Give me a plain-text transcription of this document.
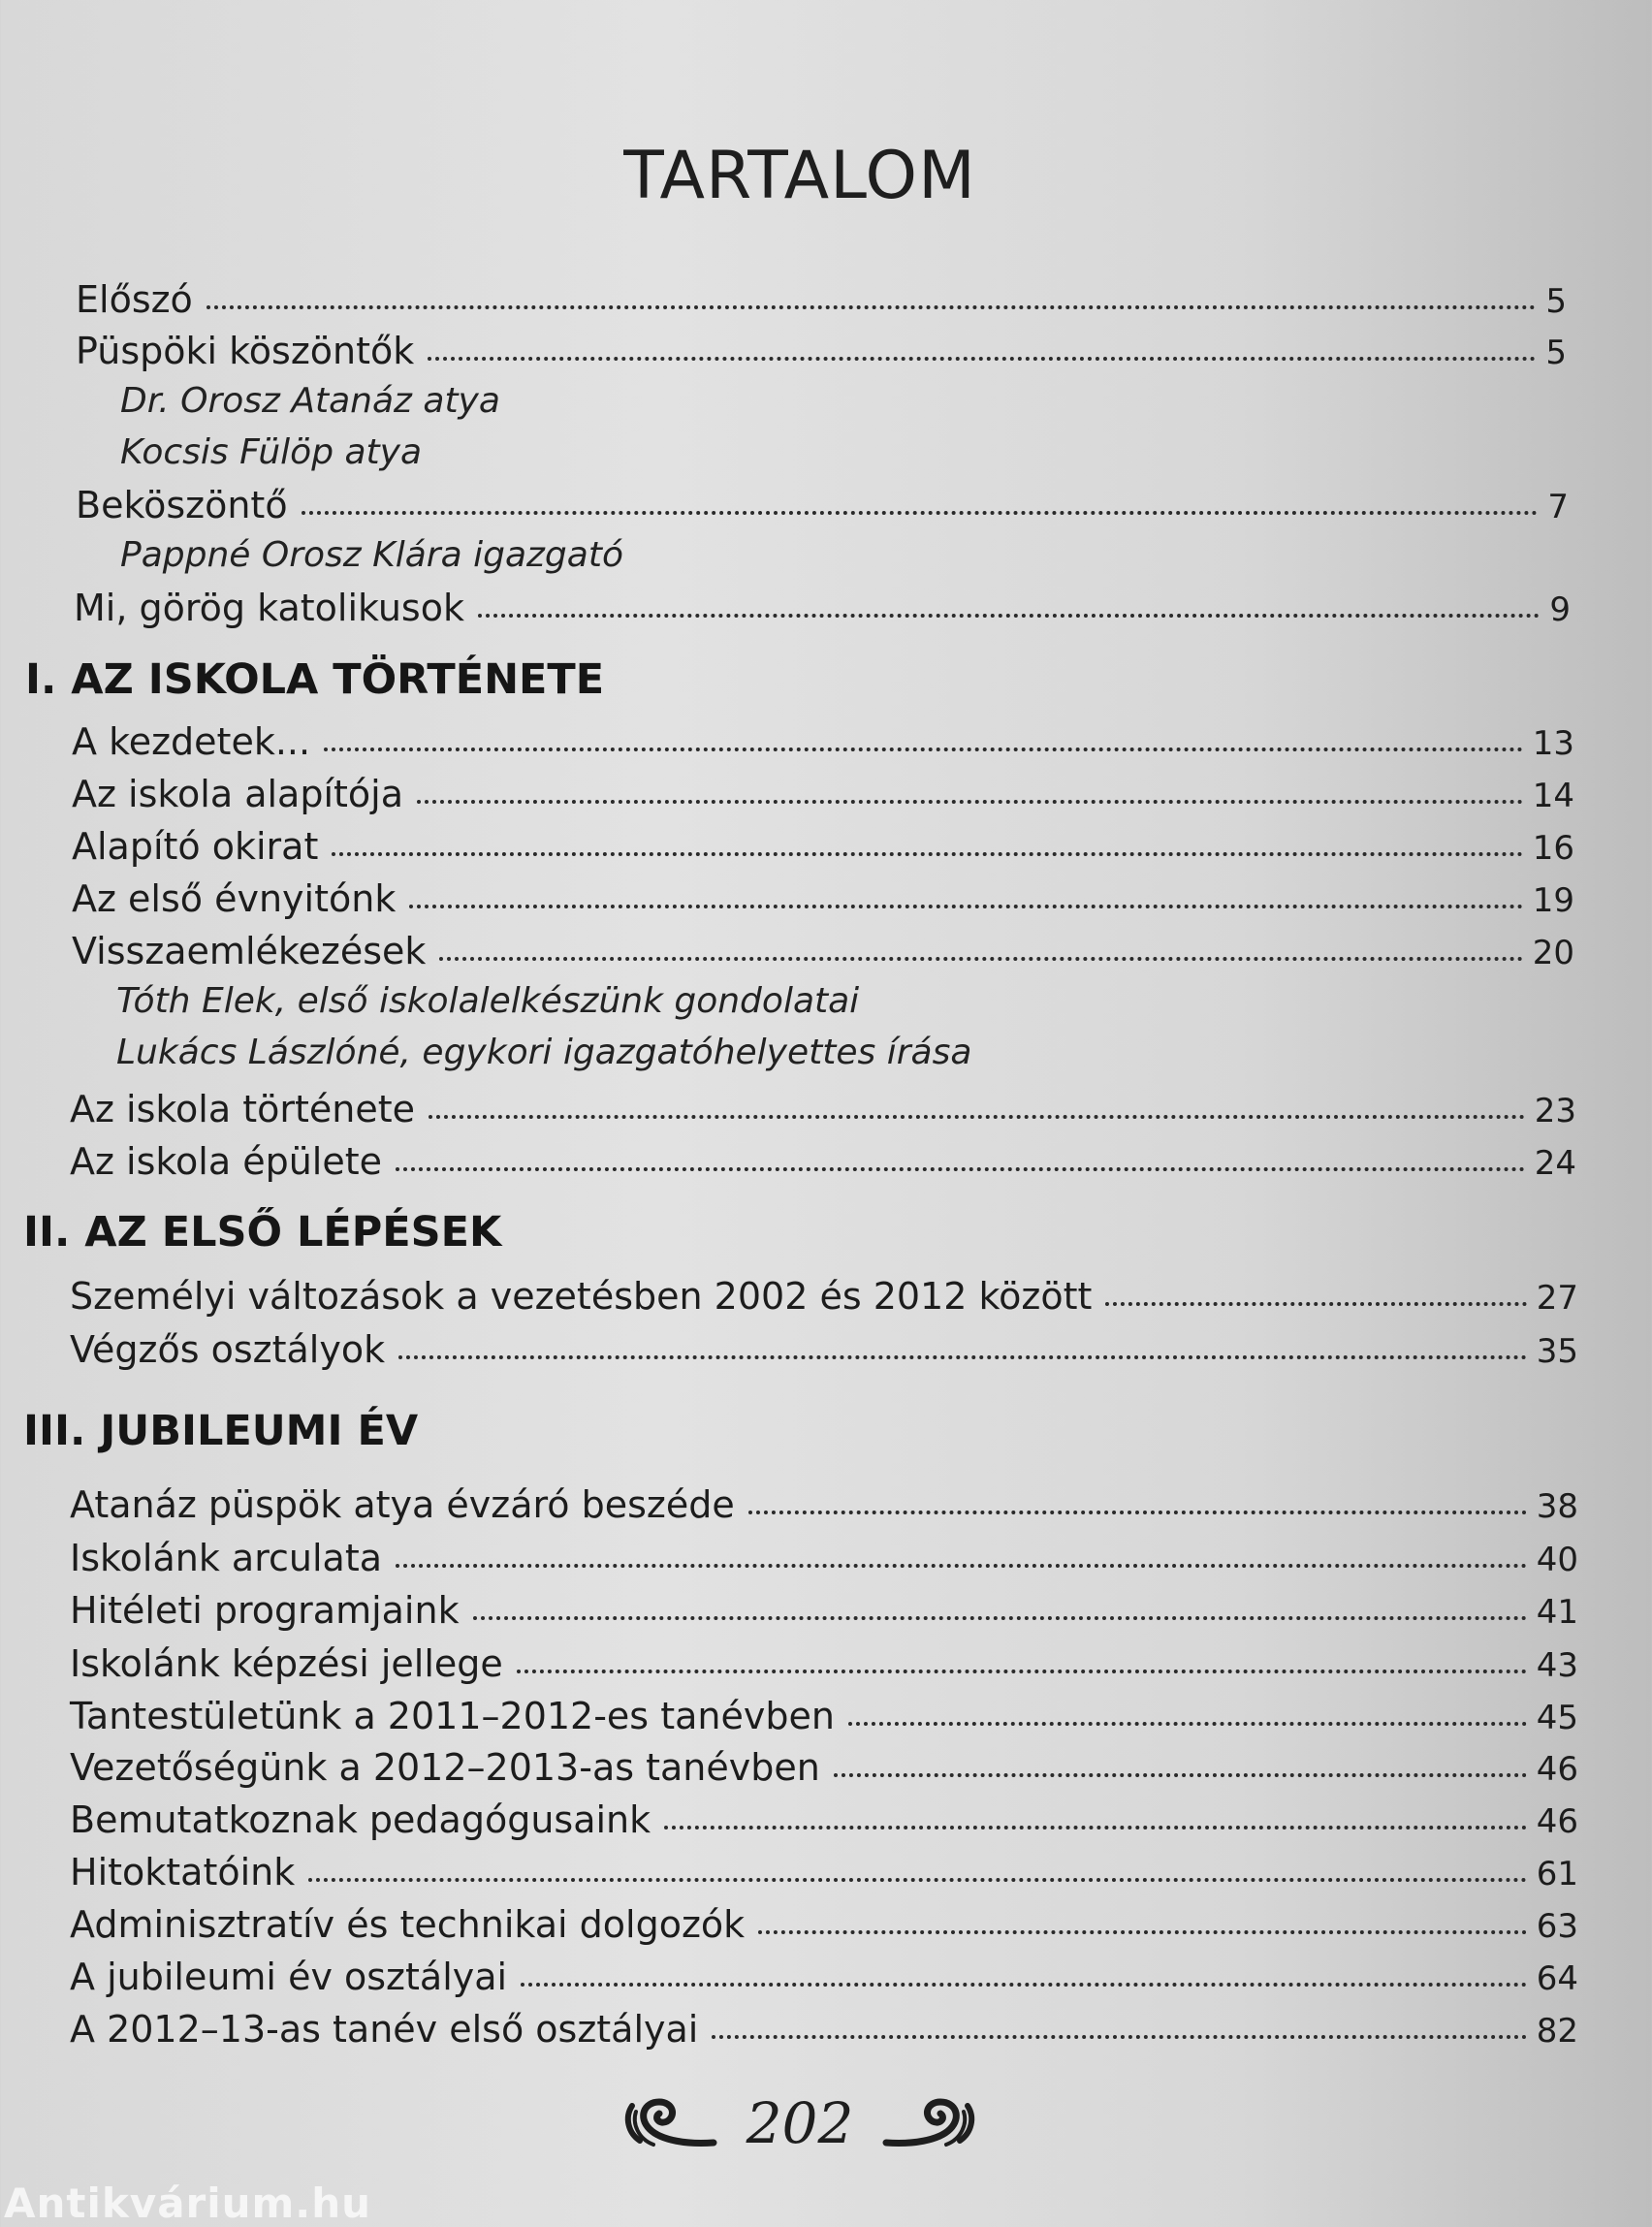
TARTALOM
Előszó	5
Püspöki köszöntők	5
Dr. Orosz Atanáz atya
Kocsis Fülöp atya
Beköszöntő	7
Pappné Orosz Klára igazgató
Mi, görög katolikusok	9
I. AZ ISKOLA TÖRTÉNETE
A kezdetek...	13
Az iskola alapítója	14
Alapító okirat	16
Az első évnyitónk	19
Visszaemlékezések	20
Tóth Elek, első iskolalelkészünk gondolatai
Lukács Lászlóné, egykori igazgatóhelyettes írása
Az iskola története	23
Az iskola épülete	24
II. AZ ELSŐ LÉPÉSEK
Személyi változások a vezetésben 2002 és 2012 között	27
Végzős osztályok	35
III. JUBILEUMI ÉV
Atanáz püspök atya évzáró beszéde	38
Iskolánk arculata	40
Hitéleti programjaink	41
Iskolánk képzési jellege	43
Tantestületünk a 2011–2012-es tanévben	45
Vezetőségünk a 2012–2013-as tanévben	46
Bemutatkoznak pedagógusaink	46
Hitoktatóink	61
Adminisztratív és technikai dolgozók	63
A jubileumi év osztályai	64
A 2012–13-as tanév első osztályai	82
202
Antikvárium.hu
